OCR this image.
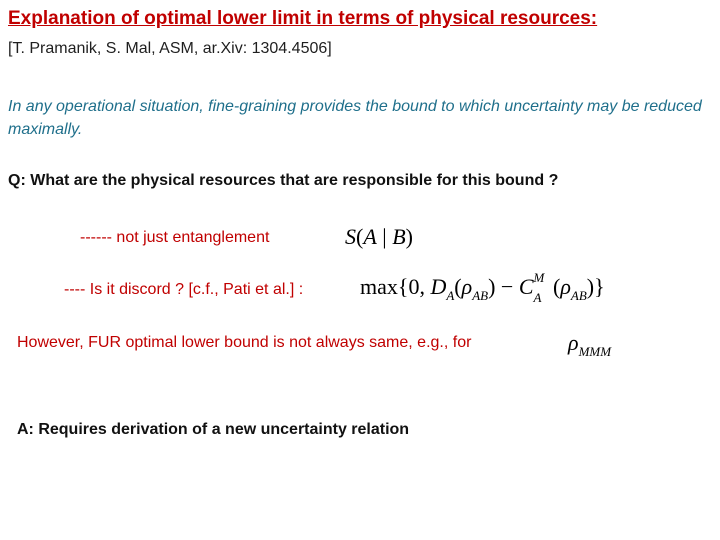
Explanation of optimal lower limit in terms of physical resources:
[T. Pramanik, S. Mal, ASM, ar.Xiv: 1304.4506]
In any operational situation, fine-graining provides the bound to which uncertainty may be reduced maximally.
Q: What are the physical resources that are responsible for this bound ?
------ not just entanglement	S(A | B)
---- Is it discord ? [c.f., Pati et al.] :	max{0, $D_A(\rho_{AB}) - C$ M
A $(\rho_{AB})$}
However, FUR optimal lower bound is not always same, e.g., for	$\rho_{MMM}$
A: Requires derivation of a new uncertainty relation
